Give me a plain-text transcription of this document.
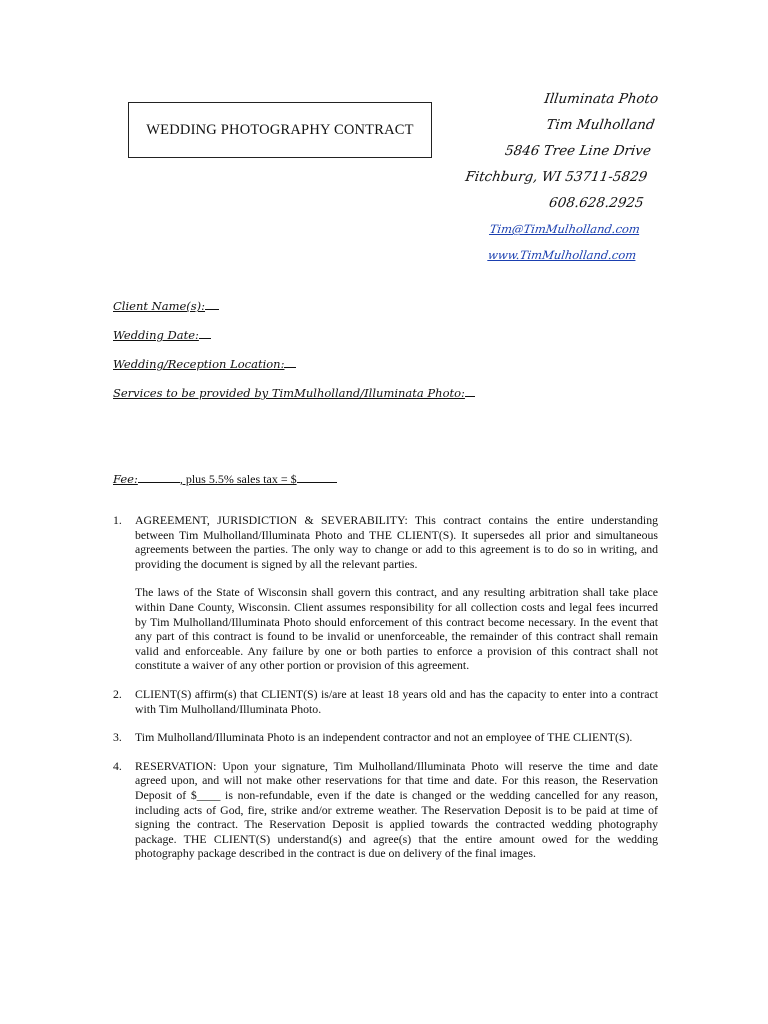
WEDDING PHOTOGRAPHY CONTRACT
Illuminata Photo
Tim Mulholland
5846 Tree Line Drive
Fitchburg, WI 53711-5829
608.628.2925
Tim@TimMulholland.com
www.TimMulholland.com
Client Name(s):
Wedding Date:
Wedding/Reception Location:
Services to be provided by TimMulholland/Illuminata Photo:
Fee:	, plus 5.5% sales tax = $
1.	AGREEMENT, JURISDICTION & SEVERABILITY: This contract contains the entire understanding between Tim Mulholland/Illuminata Photo and THE CLIENT(S). It supersedes all prior and simultaneous agreements between the parties. The only way to change or add to this agreement is to do so in writing, and providing the document is signed by all the relevant parties.

The laws of the State of Wisconsin shall govern this contract, and any resulting arbitration shall take place within Dane County, Wisconsin. Client assumes responsibility for all collection costs and legal fees incurred by Tim Mulholland/Illuminata Photo should enforcement of this contract become necessary. In the event that any part of this contract is found to be invalid or unenforceable, the remainder of this contract shall remain valid and enforceable. Any failure by one or both parties to enforce a provision of this contract shall not constitute a waiver of any other portion or provision of this agreement.

2.	CLIENT(S) affirm(s) that CLIENT(S) is/are at least 18 years old and has the capacity to enter into a contract with Tim Mulholland/Illuminata Photo.

3.	Tim Mulholland/Illuminata Photo is an independent contractor and not an employee of THE CLIENT(S).

4.	RESERVATION: Upon your signature, Tim Mulholland/Illuminata Photo will reserve the time and date agreed upon, and will not make other reservations for that time and date. For this reason, the Reservation Deposit of $____ is non-refundable, even if the date is changed or the wedding cancelled for any reason, including acts of God, fire, strike and/or extreme weather. The Reservation Deposit is to be paid at time of signing the contract. The Reservation Deposit is applied towards the contracted wedding photography package. THE CLIENT(S) understand(s) and agree(s) that the entire amount owed for the wedding photography package described in the contract is due on delivery of the final images.
